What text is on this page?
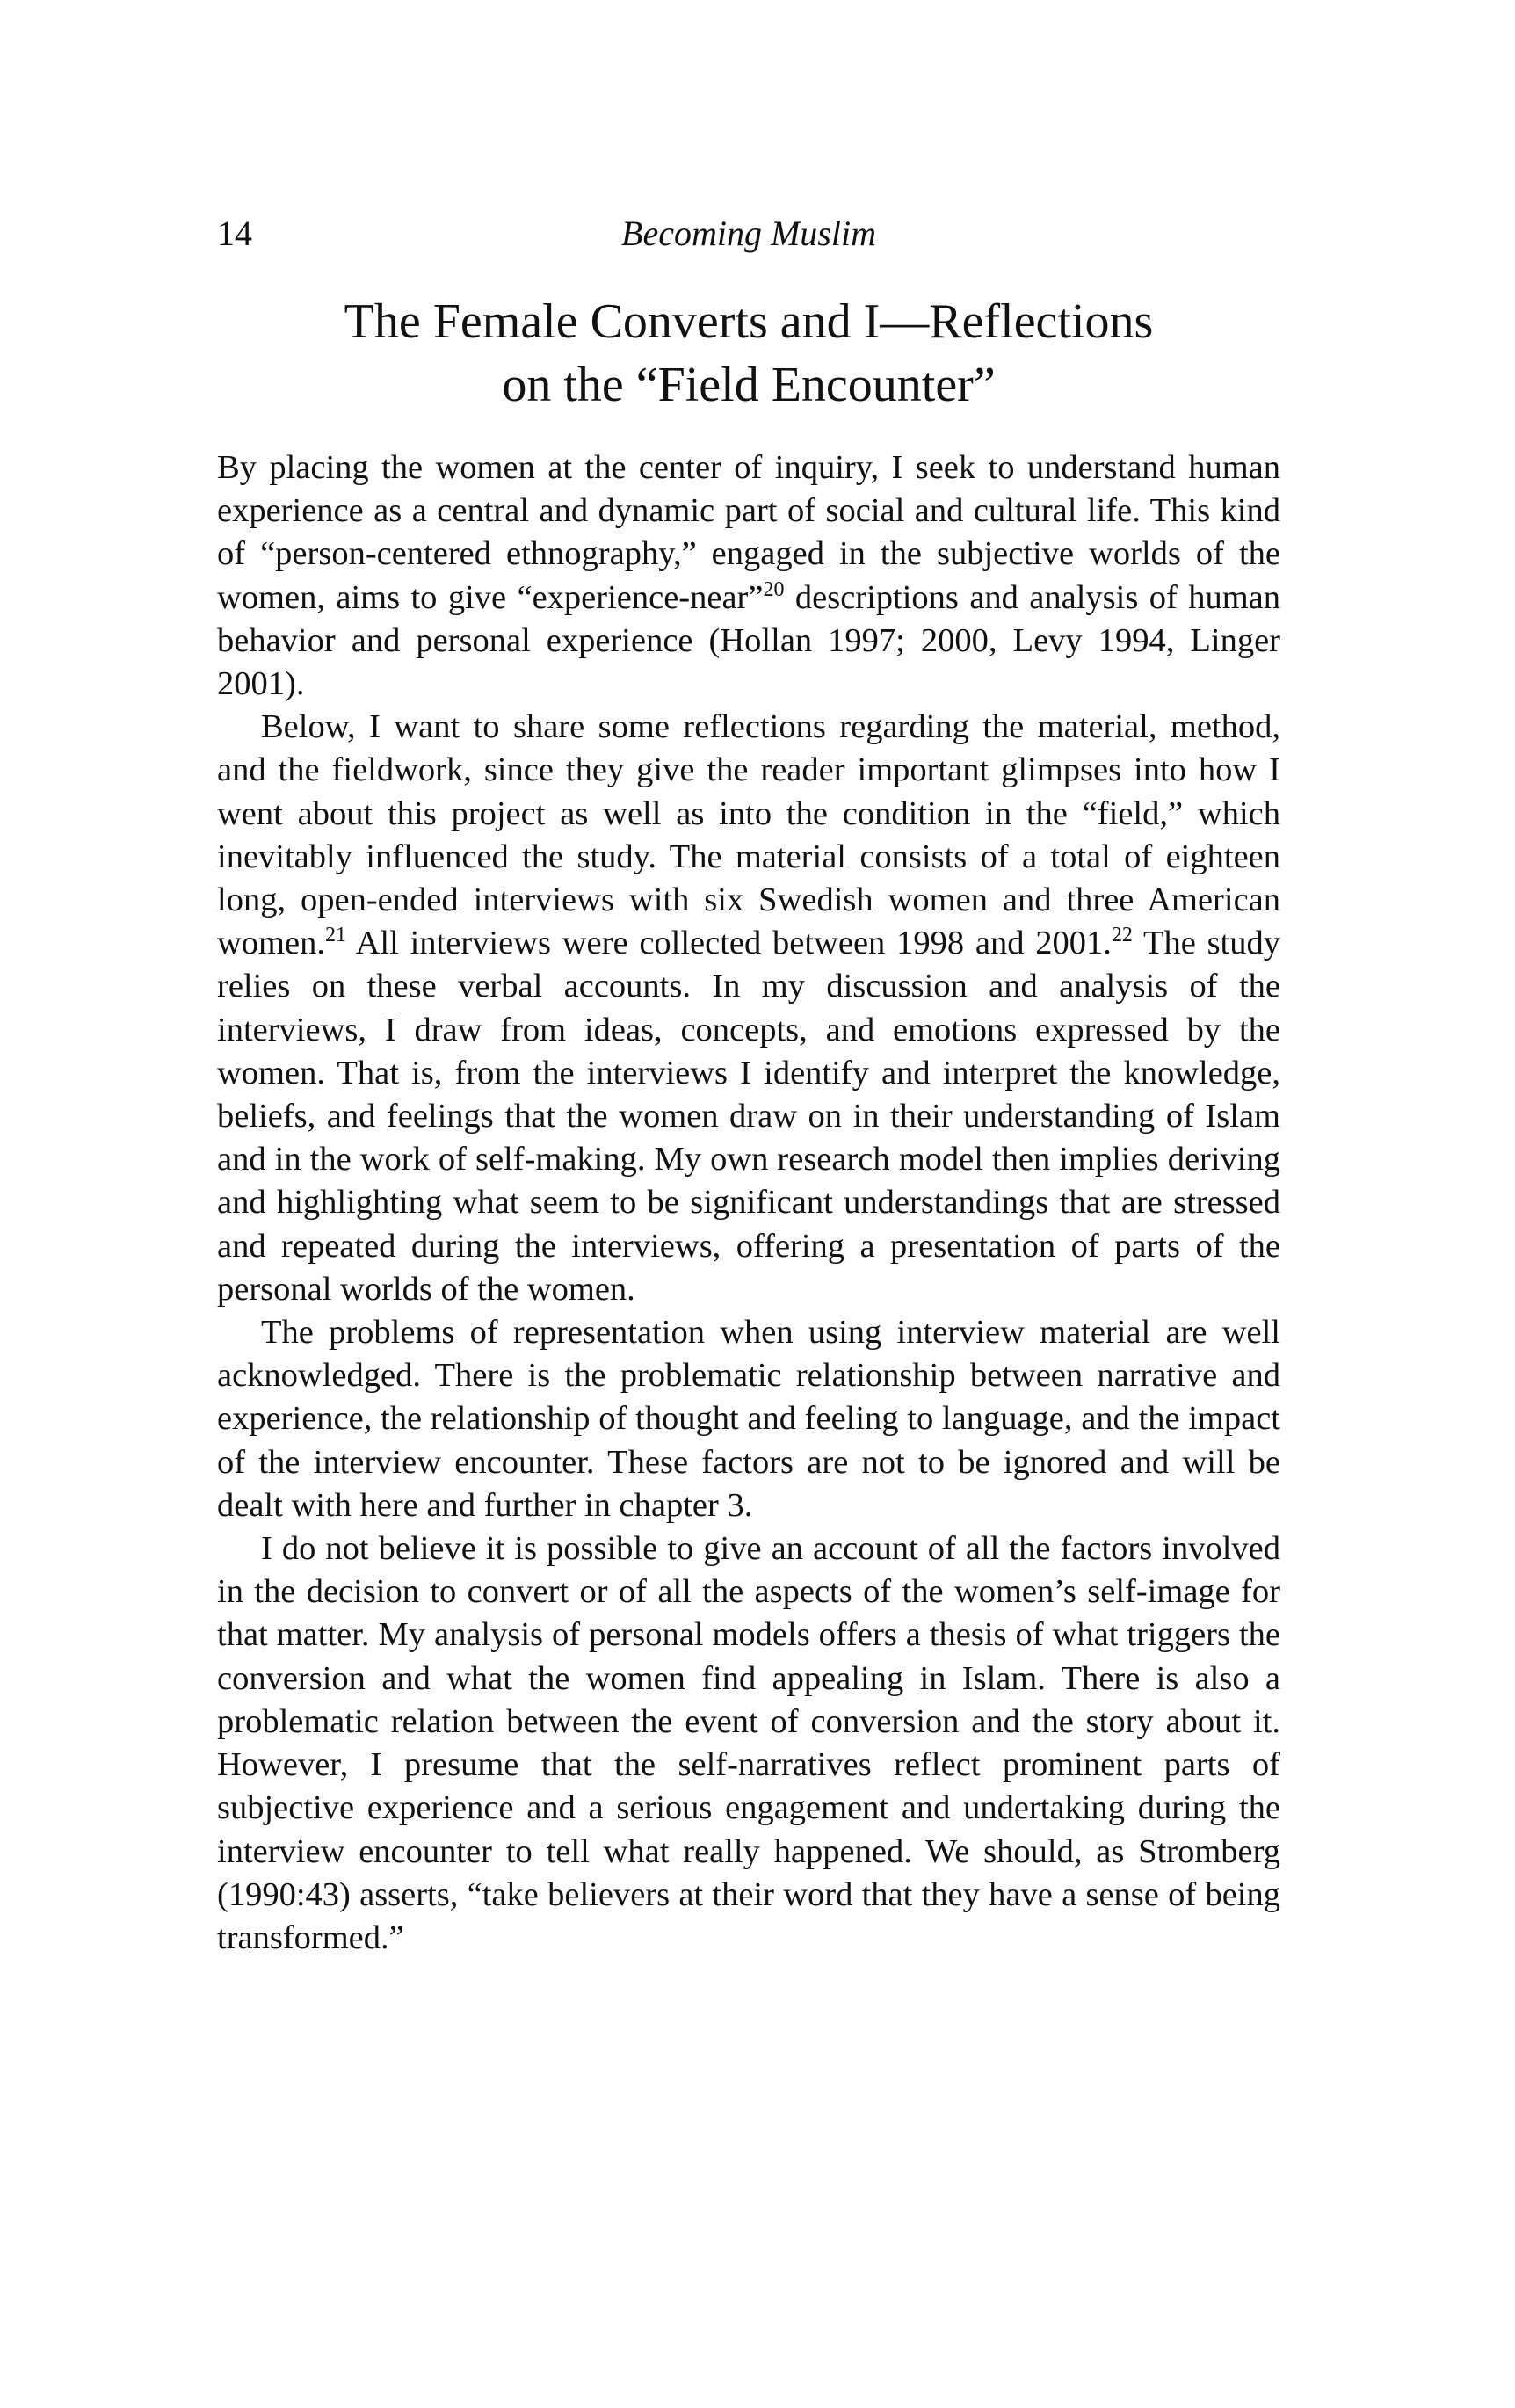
14	Becoming Muslim
The Female Converts and I—Reflections
on the “Field Encounter”

By placing the women at the center of inquiry, I seek to understand human experience as a central and dynamic part of social and cultural life. This kind of “person-centered ethnography,” engaged in the subjective worlds of the women, aims to give “experience-near”$^{20}$ descriptions and analysis of human behavior and personal experience (Hollan 1997; 2000, Levy 1994, Linger 2001).

Below, I want to share some reflections regarding the material, method, and the fieldwork, since they give the reader important glimpses into how I went about this project as well as into the condition in the “field,” which inevitably influenced the study. The material consists of a total of eighteen long, open-ended interviews with six Swedish women and three American women.$^{21}$ All interviews were collected between 1998 and 2001.22 The study relies on these verbal accounts. In my discussion and analysis of the interviews, I draw from ideas, concepts, and emotions expressed by the women. That is, from the interviews I identify and interpret the knowledge, beliefs, and feelings that the women draw on in their understanding of Islam and in the work of self-making. My own research model then implies deriving and highlighting what seem to be significant understandings that are stressed and repeated during the interviews, offering a presentation of parts of the personal worlds of the women.

The problems of representation when using interview material are well acknowledged. There is the problematic relationship between narrative and experience, the relationship of thought and feeling to language, and the impact of the interview encounter. These factors are not to be ignored and will be dealt with here and further in chapter 3.

I do not believe it is possible to give an account of all the factors involved in the decision to convert or of all the aspects of the women’s self-image for that matter. My analysis of personal models offers a thesis of what triggers the conversion and what the women find appealing in Islam. There is also a problematic relation between the event of conversion and the story about it. However, I presume that the self-narratives reflect prominent parts of subjective experience and a serious engagement and undertaking during the interview encounter to tell what really happened. We should, as Stromberg (1990:43) asserts, “take believers at their word that they have a sense of being transformed.”
